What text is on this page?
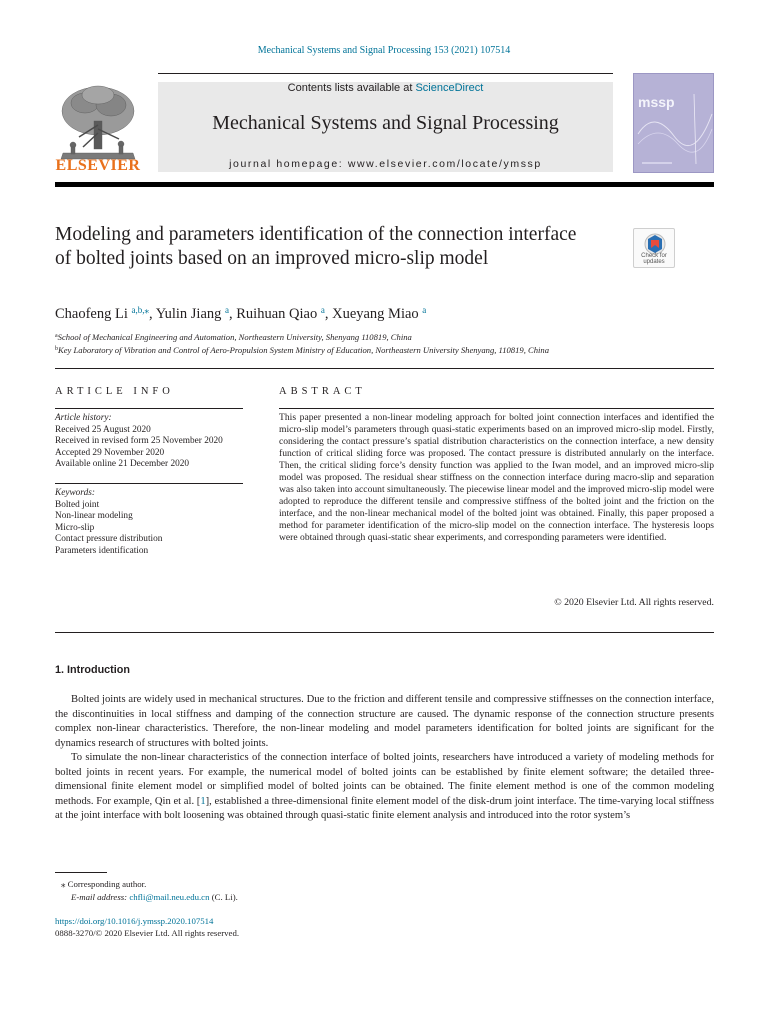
Mechanical Systems and Signal Processing 153 (2021) 107514
ELSEVIER
Contents lists available at ScienceDirect
Mechanical Systems and Signal Processing
journal homepage: www.elsevier.com/locate/ymssp
mssp
Modeling and parameters identification of the connection interface of bolted joints based on an improved micro-slip model	Check for updates
Chaofeng Li $^{a,b,⁎}$, Yulin Jiang $^a$, Ruihuan Qiao $^a$, Xueyang Miao $^a$
$^a$School of Mechanical Engineering and Automation, Northeastern University, Shenyang 110819, China
$^b$Key Laboratory of Vibration and Control of Aero-Propulsion System Ministry of Education, Northeastern University Shenyang, 110819, China
ARTICLE INFO	ABSTRACT
Article history:
Received 25 August 2020
Received in revised form 25 November 2020
Accepted 29 November 2020
Available online 21 December 2020
Keywords:
Bolted joint
Non-linear modeling
Micro-slip
Contact pressure distribution
Parameters identification
This paper presented a non-linear modeling approach for bolted joint connection interfaces and identified the micro-slip model’s parameters through quasi-static experiments based on an improved micro-slip model. Firstly, considering the contact pressure’s spatial distribution characteristics on the connection interface, a new density function of critical sliding force was proposed. The contact pressure is distributed annularly on the interface. Then, the critical sliding force’s density function was applied to the Iwan model, and an improved micro-slip model was proposed. The residual shear stiffness on the connection interface during macro-slip and separation was also taken into account simultaneously. The piecewise linear model and the improved micro-slip model were adopted to reproduce the different tensile and compressive stiffness of the bolted joint and the friction on the interface, and the non-linear mechanical model of the bolted joint was obtained. Finally, this paper proposed a method for parameter identification of the micro-slip model on the connection interface. The hysteresis loops were obtained through quasi-static shear experiments, and corresponding parameters were identified.
© 2020 Elsevier Ltd. All rights reserved.
1. Introduction

Bolted joints are widely used in mechanical structures. Due to the friction and different tensile and compressive stiffnesses on the connection interface, the discontinuities in local stiffness and damping of the connection structure are caused. The dynamic response of the connection structure presents complex non-linear characteristics. Therefore, the non-linear modeling and model parameters identification for bolted joints are significant for the dynamics research of structures with bolted joints.

To simulate the non-linear characteristics of the connection interface of bolted joints, researchers have introduced a variety of modeling methods for bolted joints in recent years. For example, the numerical model of bolted joints can be established by finite element software; the detailed three-dimensional finite element model or simplified model of bolted joints can be obtained. The finite element method is one of the common modeling methods. For example, Qin et al. [1], established a three-dimensional finite element model of the disk-drum joint interface. The time-varying local stiffness at the joint interface with bolt loosening was obtained through quasi-static finite element analysis and introduced into the rotor system’s

⁎ Corresponding author.
E-mail address: chfli@mail.neu.edu.cn (C. Li).
https://doi.org/10.1016/j.ymssp.2020.107514
0888-3270/© 2020 Elsevier Ltd. All rights reserved.
